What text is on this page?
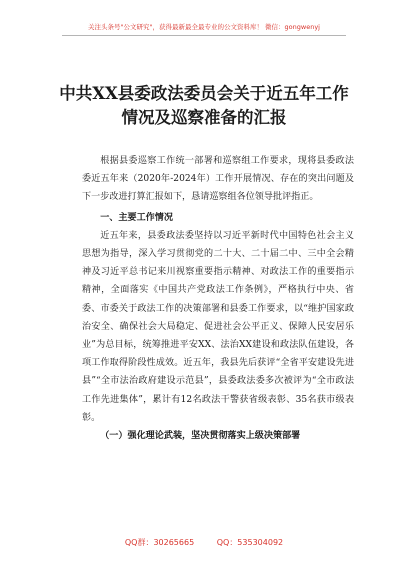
关注头条号"公文研究"，获得最新最全最专业的公文资料库！ 微信：gongwenyj
中共XX县委政法委员会关于近五年工作
情况及巡察准备的汇报

根据县委巡察工作统一部署和巡察组工作要求，现将县委政法委近五年来（2020年-2024年）工作开展情况、存在的突出问题及下一步改进打算汇报如下，恳请巡察组各位领导批评指正。

一、主要工作情况

近五年来，县委政法委坚持以习近平新时代中国特色社会主义思想为指导，深入学习贯彻党的二十大、二十届二中、三中全会精神及习近平总书记来川视察重要指示精神、对政法工作的重要指示精神，全面落实《中国共产党政法工作条例》，严格执行中央、省委、市委关于政法工作的决策部署和县委工作要求，以“维护国家政治安全、确保社会大局稳定、促进社会公平正义、保障人民安居乐业”为总目标，统筹推进平安XX、法治XX建设和政法队伍建设，各项工作取得阶段性成效。近五年，我县先后获评“全省平安建设先进县”“全市法治政府建设示范县”，县委政法委多次被评为“全市政法工作先进集体”，累计有12名政法干警获省级表彰、35名获市级表彰。

（一）强化理论武装，坚决贯彻落实上级决策部署

QQ群：30265665	QQ：535304092
